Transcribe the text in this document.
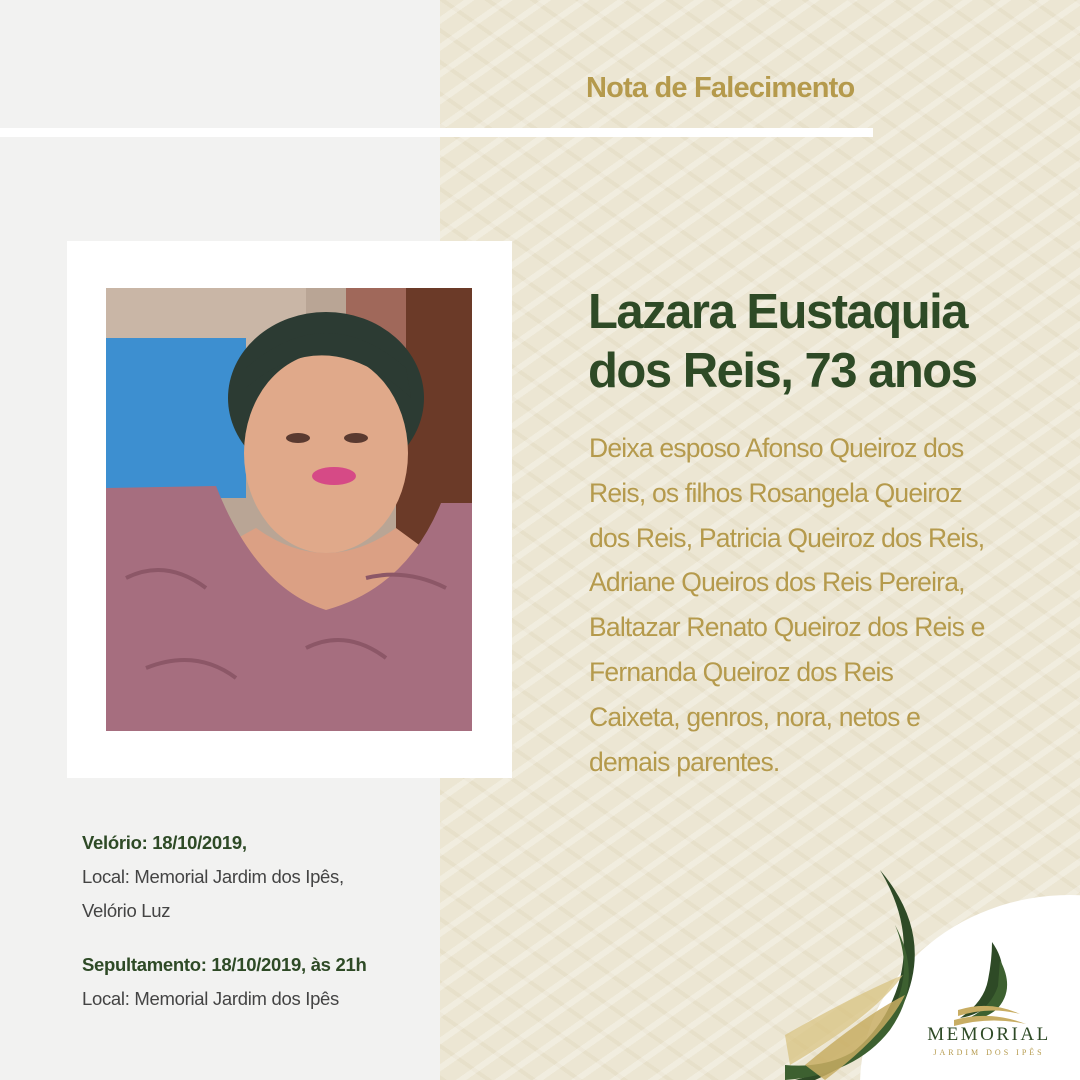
Nota de Falecimento
Lazara Eustaquia dos Reis, 73 anos
Deixa esposo Afonso Queiroz dos Reis, os filhos Rosangela Queiroz dos Reis, Patricia Queiroz dos Reis, Adriane Queiros dos Reis Pereira, Baltazar Renato Queiroz dos Reis e Fernanda Queiroz dos Reis Caixeta, genros, nora, netos e demais parentes.
Velório: 18/10/2019,
Local: Memorial Jardim dos Ipês,
Velório Luz
Sepultamento: 18/10/2019, às 21h
Local: Memorial Jardim dos Ipês
MEMORIAL
JARDIM DOS IPÊS
